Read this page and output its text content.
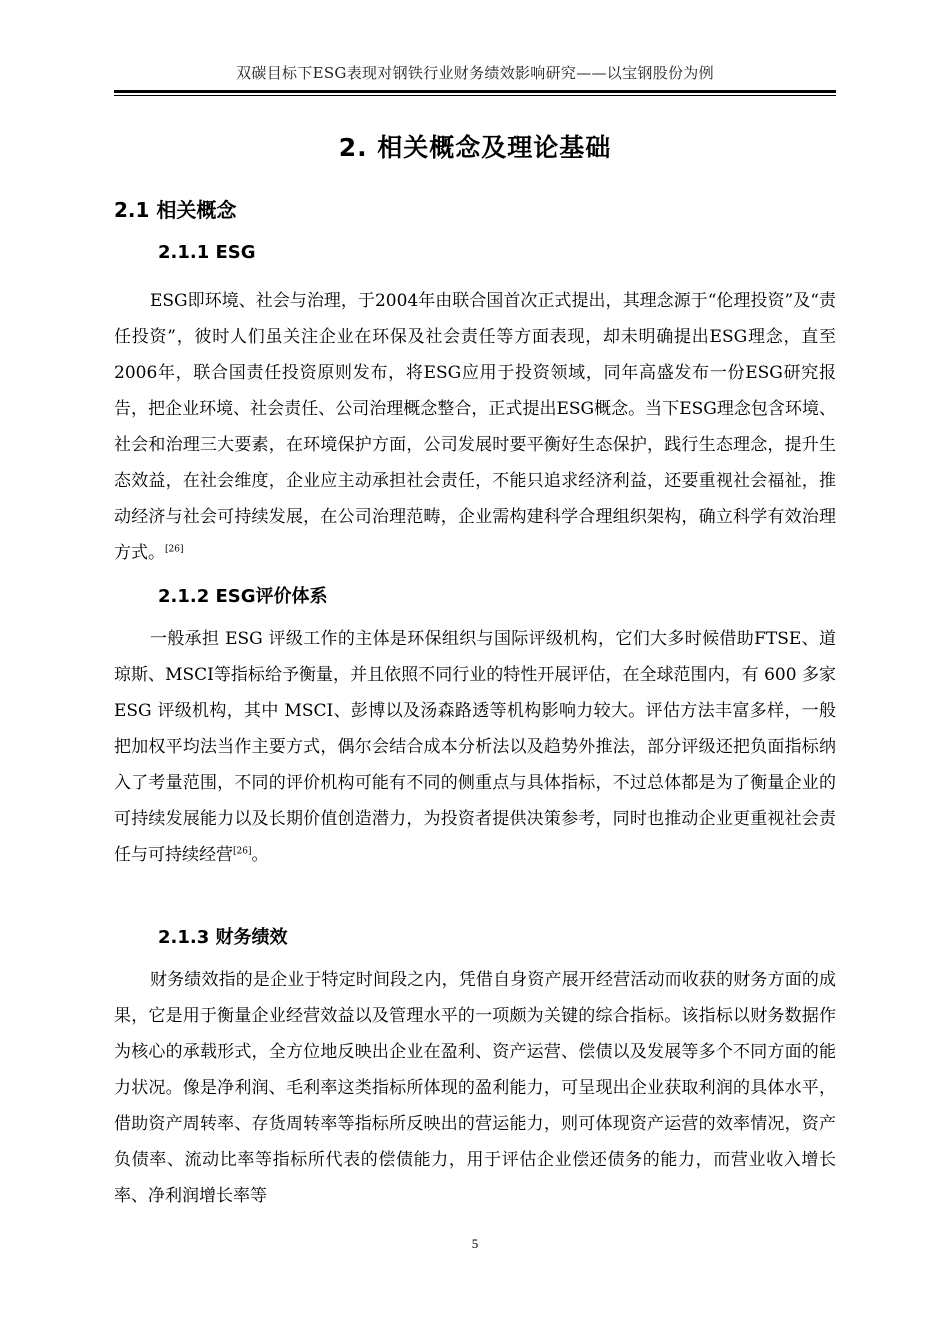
双碳目标下ESG表现对钢铁行业财务绩效影响研究——以宝钢股份为例
2. 相关概念及理论基础
2.1 相关概念
2.1.1 ESG
ESG即环境、社会与治理，于2004年由联合国首次正式提出，其理念源于“伦理投资”及“责任投资”，彼时人们虽关注企业在环保及社会责任等方面表现，却未明确提出ESG理念，直至2006年，联合国责任投资原则发布，将ESG应用于投资领域，同年高盛发布一份ESG研究报告，把企业环境、社会责任、公司治理概念整合，正式提出ESG概念。当下ESG理念包含环境、社会和治理三大要素，在环境保护方面，公司发展时要平衡好生态保护，践行生态理念，提升生态效益，在社会维度，企业应主动承担社会责任，不能只追求经济利益，还要重视社会福祉，推动经济与社会可持续发展，在公司治理范畴，企业需构建科学合理组织架构，确立科学有效治理方式。[26]
2.1.2 ESG评价体系
一般承担 ESG 评级工作的主体是环保组织与国际评级机构，它们大多时候借助FTSE、道琼斯、MSCI等指标给予衡量，并且依照不同行业的特性开展评估，在全球范围内，有 600 多家 ESG 评级机构，其中 MSCI、彭博以及汤森路透等机构影响力较大。评估方法丰富多样，一般把加权平均法当作主要方式，偶尔会结合成本分析法以及趋势外推法，部分评级还把负面指标纳入了考量范围，不同的评价机构可能有不同的侧重点与具体指标，不过总体都是为了衡量企业的可持续发展能力以及长期价值创造潜力，为投资者提供决策参考，同时也推动企业更重视社会责任与可持续经营[26]。
2.1.3 财务绩效
财务绩效指的是企业于特定时间段之内，凭借自身资产展开经营活动而收获的财务方面的成果，它是用于衡量企业经营效益以及管理水平的一项颇为关键的综合指标。该指标以财务数据作为核心的承载形式，全方位地反映出企业在盈利、资产运营、偿债以及发展等多个不同方面的能力状况。像是净利润、毛利率这类指标所体现的盈利能力，可呈现出企业获取利润的具体水平，借助资产周转率、存货周转率等指标所反映出的营运能力，则可体现资产运营的效率情况，资产负债率、流动比率等指标所代表的偿债能力，用于评估企业偿还债务的能力，而营业收入增长率、净利润增长率等
5
